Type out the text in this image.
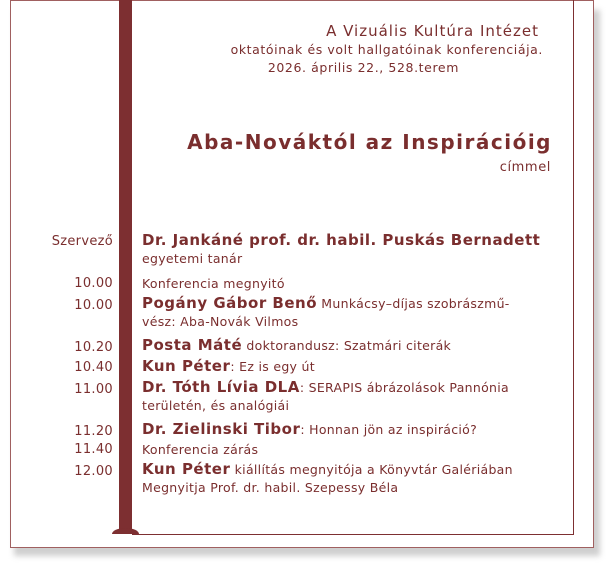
A Vizuális Kultúra Intézet
oktatóinak és volt hallgatóinak konferenciája.
2026. április 22., 528.terem
Aba-Nováktól az Inspirációig
címmel
Szervező Dr. Jankáné prof. dr. habil. Puskás Bernadett
egyetemi tanár
10.00 Konferencia megnyitó
10.00 Pogány Gábor Benő Munkácsy–díjas szobrászmű-
vész: Aba-Novák Vilmos
10.20 Posta Máté doktorandusz: Szatmári citerák
10.40 Kun Péter: Ez is egy út
11.00 Dr. Tóth Lívia DLA: SERAPIS ábrázolások Pannónia
területén, és analógiái
11.20 Dr. Zielinski Tibor: Honnan jön az inspiráció?
11.40 Konferencia zárás
12.00 Kun Péter kiállítás megnyitója a Könyvtár Galériában
Megnyitja Prof. dr. habil. Szepessy Béla
